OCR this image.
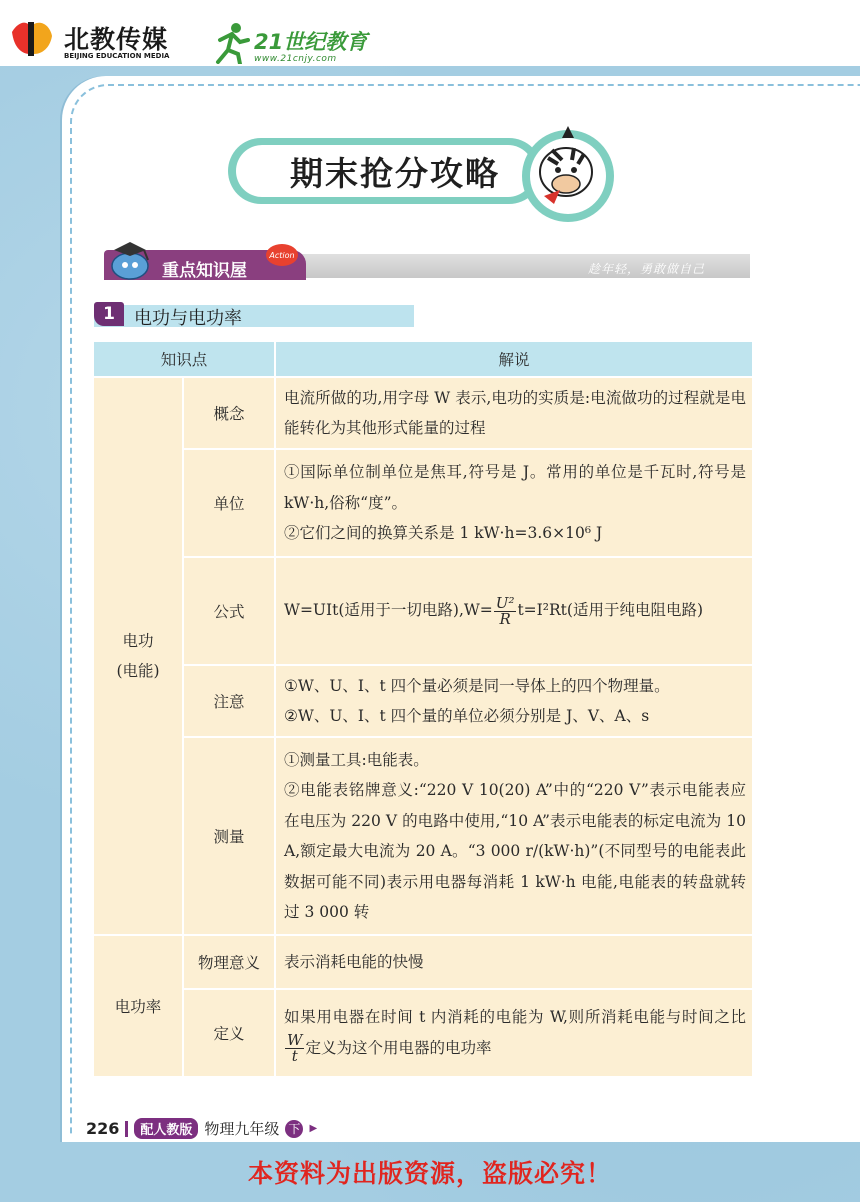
北教传媒
BEIJING EDUCATION MEDIA
21世纪教育
www.21cnjy.com
期末抢分攻略
重点知识屋
Action
趁年轻，勇敢做自己
1	电功与电功率
知识点		解说

电功
(电能)	概念	电流所做的功,用字母 W 表示,电功的实质是:电流做功的过程就是电能转化为其他形式能量的过程
	单位	①国际单位制单位是焦耳,符号是 J。常用的单位是千瓦时,符号是 kW·h,俗称“度”。

②它们之间的换算关系是 1 kW·h=3.6×10⁶ J

	公式	W=UIt(适用于一切电路)$,W= \frac{\text{U²}}{R} t=I^2Rt$(适用于纯电阻电路)
	注意	①W、U、I、t 四个量必须是同一导体上的四个物理量。

②W、U、I、t 四个量的单位必须分别是 J、V、A、s

	测量	①测量工具:电能表。

②电能表铭牌意义:“220 V 10(20) A”中的“220 V”表示电能表应在电压为 220 V 的电路中使用,“10 A”表示电能表的标定电流为 10 A,额定最大电流为 20 A。“3 000 r/(kW·h)”(不同型号的电能表此数据可能不同)表示用电器每消耗 1 kW·h 电能,电能表的转盘就转过 3 000 转

电功率	物理意义	表示消耗电能的快慢
	定义	如果用电器在时间 t 内消耗的电能为 W,则所消耗电能与时间之比
$\frac{W}{t}$ 定义为这个用电器的电功率
226	配人教版 物理九年级 下 ▶
本资料为出版资源，盗版必究！
